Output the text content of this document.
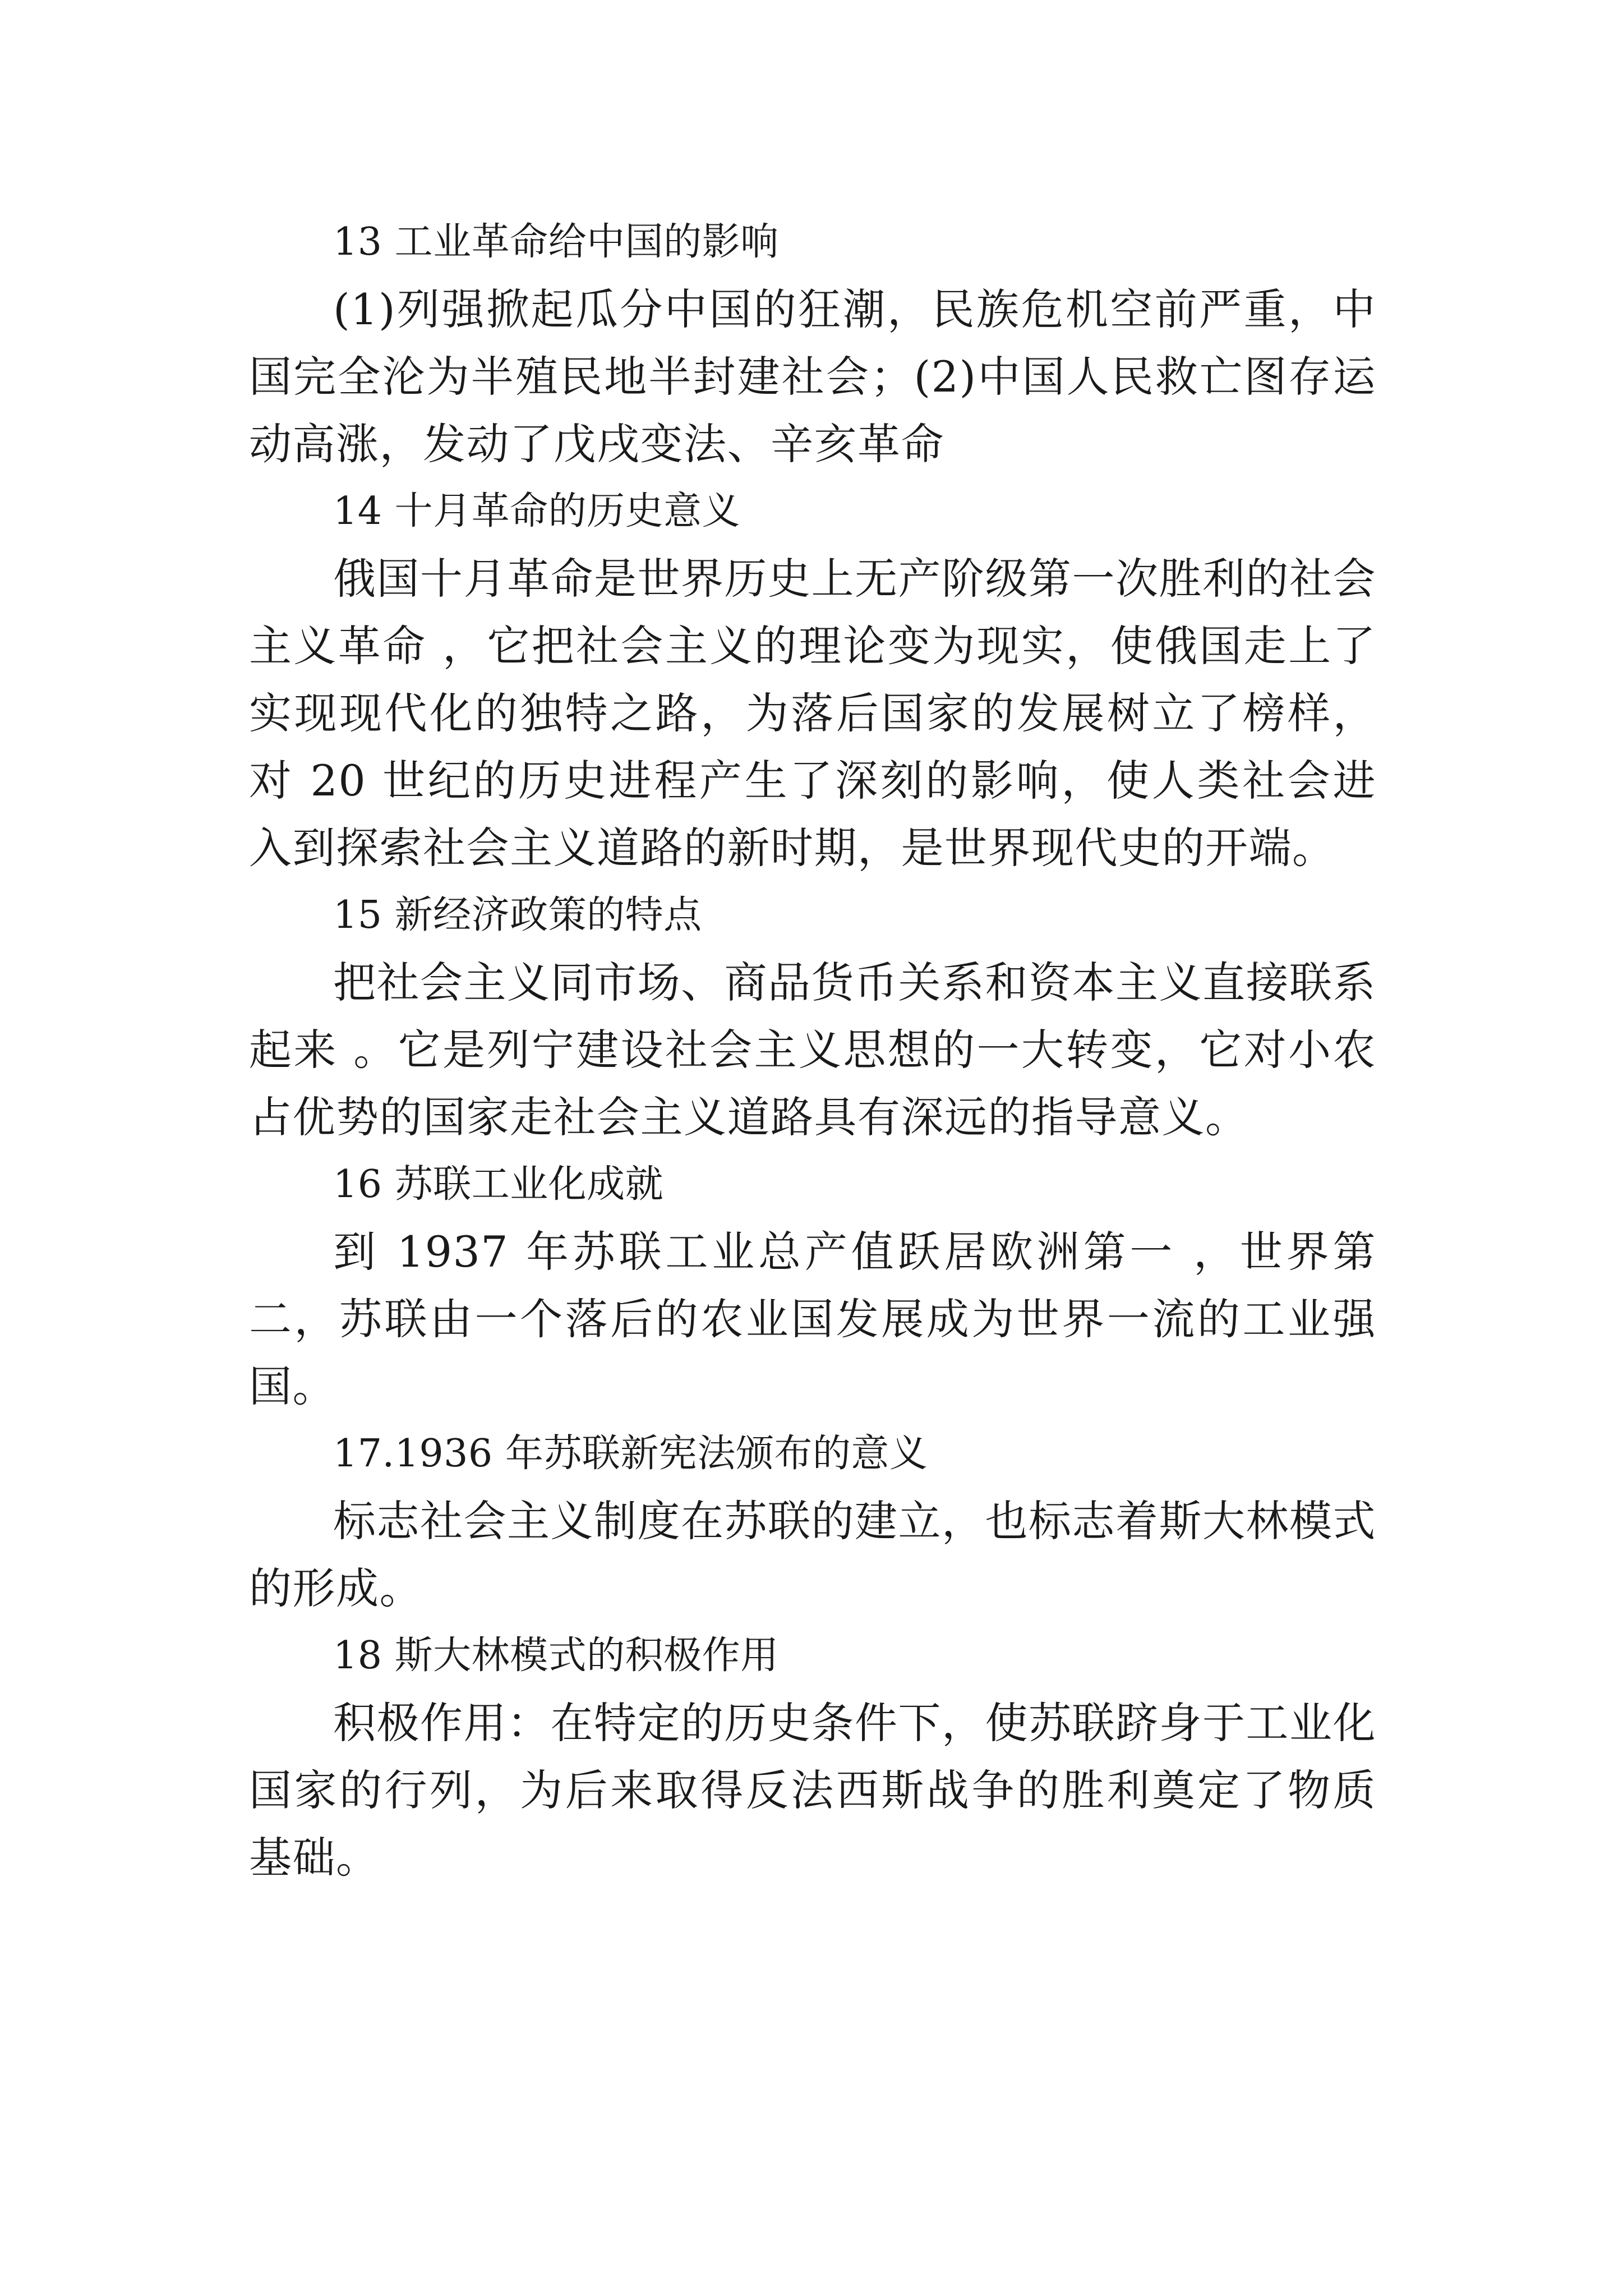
13 工业革命给中国的影响

(1)列强掀起瓜分中国的狂潮，民族危机空前严重，中国完全沦为半殖民地半封建社会；(2)中国人民救亡图存运动高涨，发动了戊戌变法、辛亥革命

14 十月革命的历史意义

俄国十月革命是世界历史上无产阶级第一次胜利的社会主义革命 ，它把社会主义的理论变为现实，使俄国走上了实现现代化的独特之路，为落后国家的发展树立了榜样，对 20 世纪的历史进程产生了深刻的影响，使人类社会进入到探索社会主义道路的新时期，是世界现代史的开端。

15 新经济政策的特点

把社会主义同市场、商品货币关系和资本主义直接联系起来 。它是列宁建设社会主义思想的一大转变，它对小农占优势的国家走社会主义道路具有深远的指导意义。

16 苏联工业化成就

到 1937 年苏联工业总产值跃居欧洲第一 ，世界第二，苏联由一个落后的农业国发展成为世界一流的工业强国。

17.1936 年苏联新宪法颁布的意义

标志社会主义制度在苏联的建立，也标志着斯大林模式的形成。

18 斯大林模式的积极作用

积极作用：在特定的历史条件下，使苏联跻身于工业化国家的行列，为后来取得反法西斯战争的胜利奠定了物质基础。
